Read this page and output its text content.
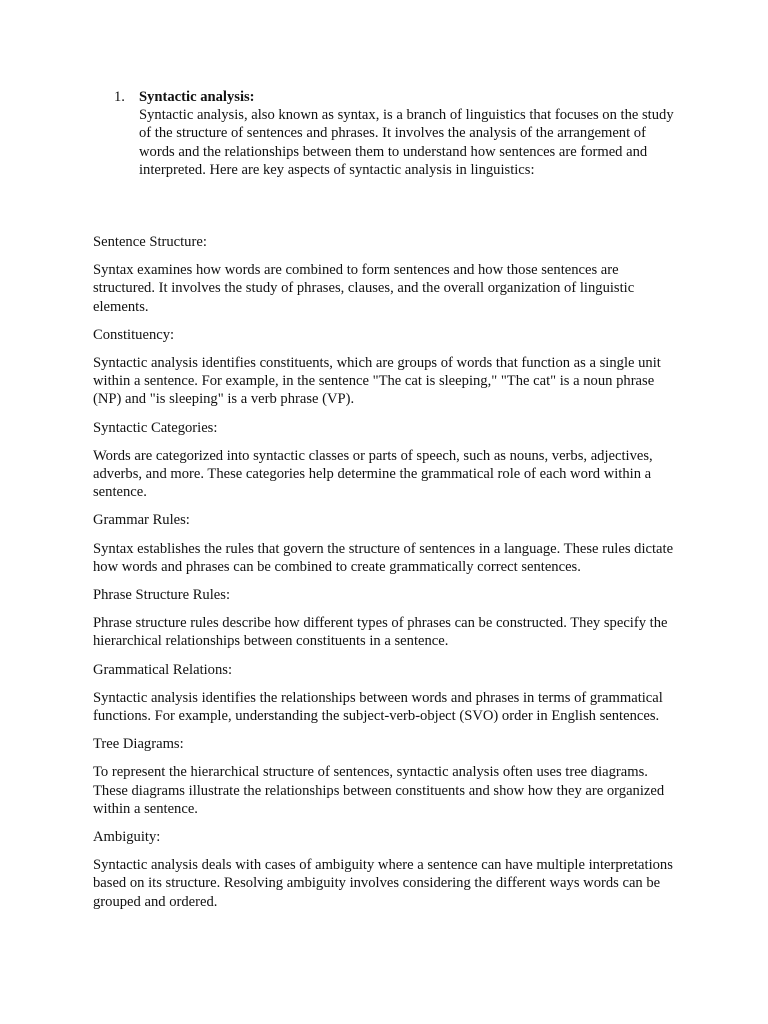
1. Syntactic analysis:
Syntactic analysis, also known as syntax, is a branch of linguistics that focuses on the study of the structure of sentences and phrases. It involves the analysis of the arrangement of words and the relationships between them to understand how sentences are formed and interpreted. Here are key aspects of syntactic analysis in linguistics:
Sentence Structure:
Syntax examines how words are combined to form sentences and how those sentences are structured. It involves the study of phrases, clauses, and the overall organization of linguistic elements.
Constituency:
Syntactic analysis identifies constituents, which are groups of words that function as a single unit within a sentence. For example, in the sentence "The cat is sleeping," "The cat" is a noun phrase (NP) and "is sleeping" is a verb phrase (VP).
Syntactic Categories:
Words are categorized into syntactic classes or parts of speech, such as nouns, verbs, adjectives, adverbs, and more. These categories help determine the grammatical role of each word within a sentence.
Grammar Rules:
Syntax establishes the rules that govern the structure of sentences in a language. These rules dictate how words and phrases can be combined to create grammatically correct sentences.
Phrase Structure Rules:
Phrase structure rules describe how different types of phrases can be constructed. They specify the hierarchical relationships between constituents in a sentence.
Grammatical Relations:
Syntactic analysis identifies the relationships between words and phrases in terms of grammatical functions. For example, understanding the subject-verb-object (SVO) order in English sentences.
Tree Diagrams:
To represent the hierarchical structure of sentences, syntactic analysis often uses tree diagrams. These diagrams illustrate the relationships between constituents and show how they are organized within a sentence.
Ambiguity:
Syntactic analysis deals with cases of ambiguity where a sentence can have multiple interpretations based on its structure. Resolving ambiguity involves considering the different ways words can be grouped and ordered.
